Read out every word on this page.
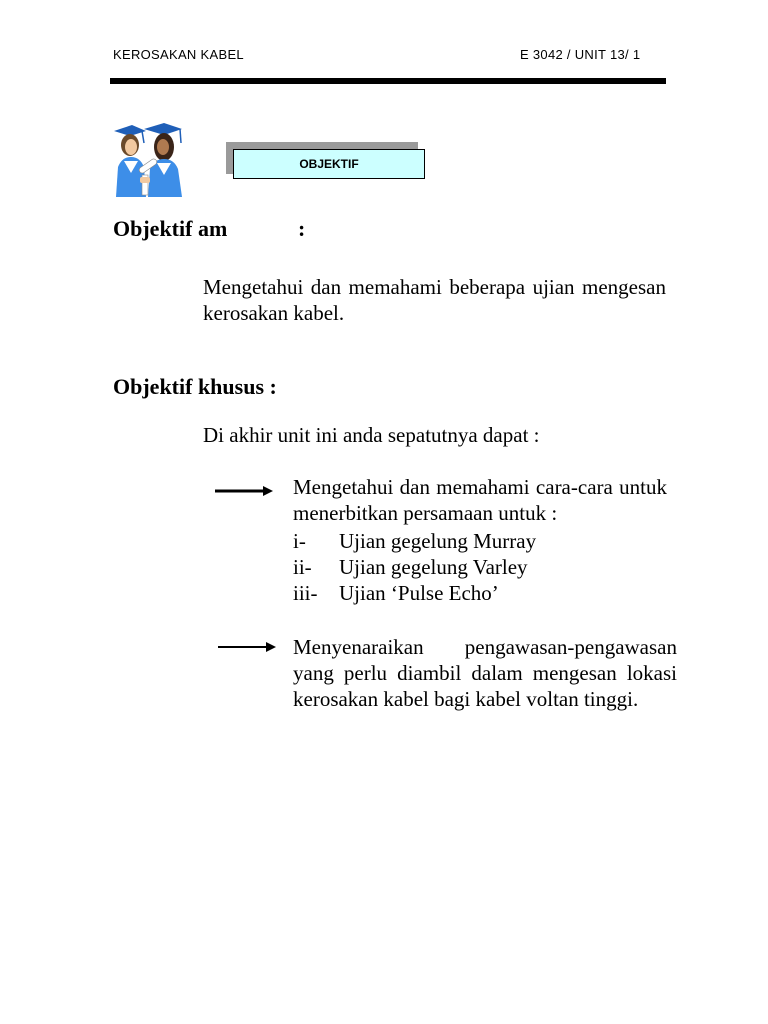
KEROSAKAN KABEL	E 3042 / UNIT 13/ 1
OBJEKTIF
Objektif am	:
Mengetahui dan memahami beberapa ujian mengesan kerosakan kabel.
Objektif khusus :
Di akhir unit ini anda sepatutnya dapat :
Mengetahui dan memahami cara-cara untuk menerbitkan persamaan untuk :
i- Ujian gegelung Murray
ii- Ujian gegelung Varley
iii- Ujian ‘Pulse Echo’
Menyenaraikan pengawasan-pengawasan yang perlu diambil dalam mengesan lokasi kerosakan kabel bagi kabel voltan tinggi.
